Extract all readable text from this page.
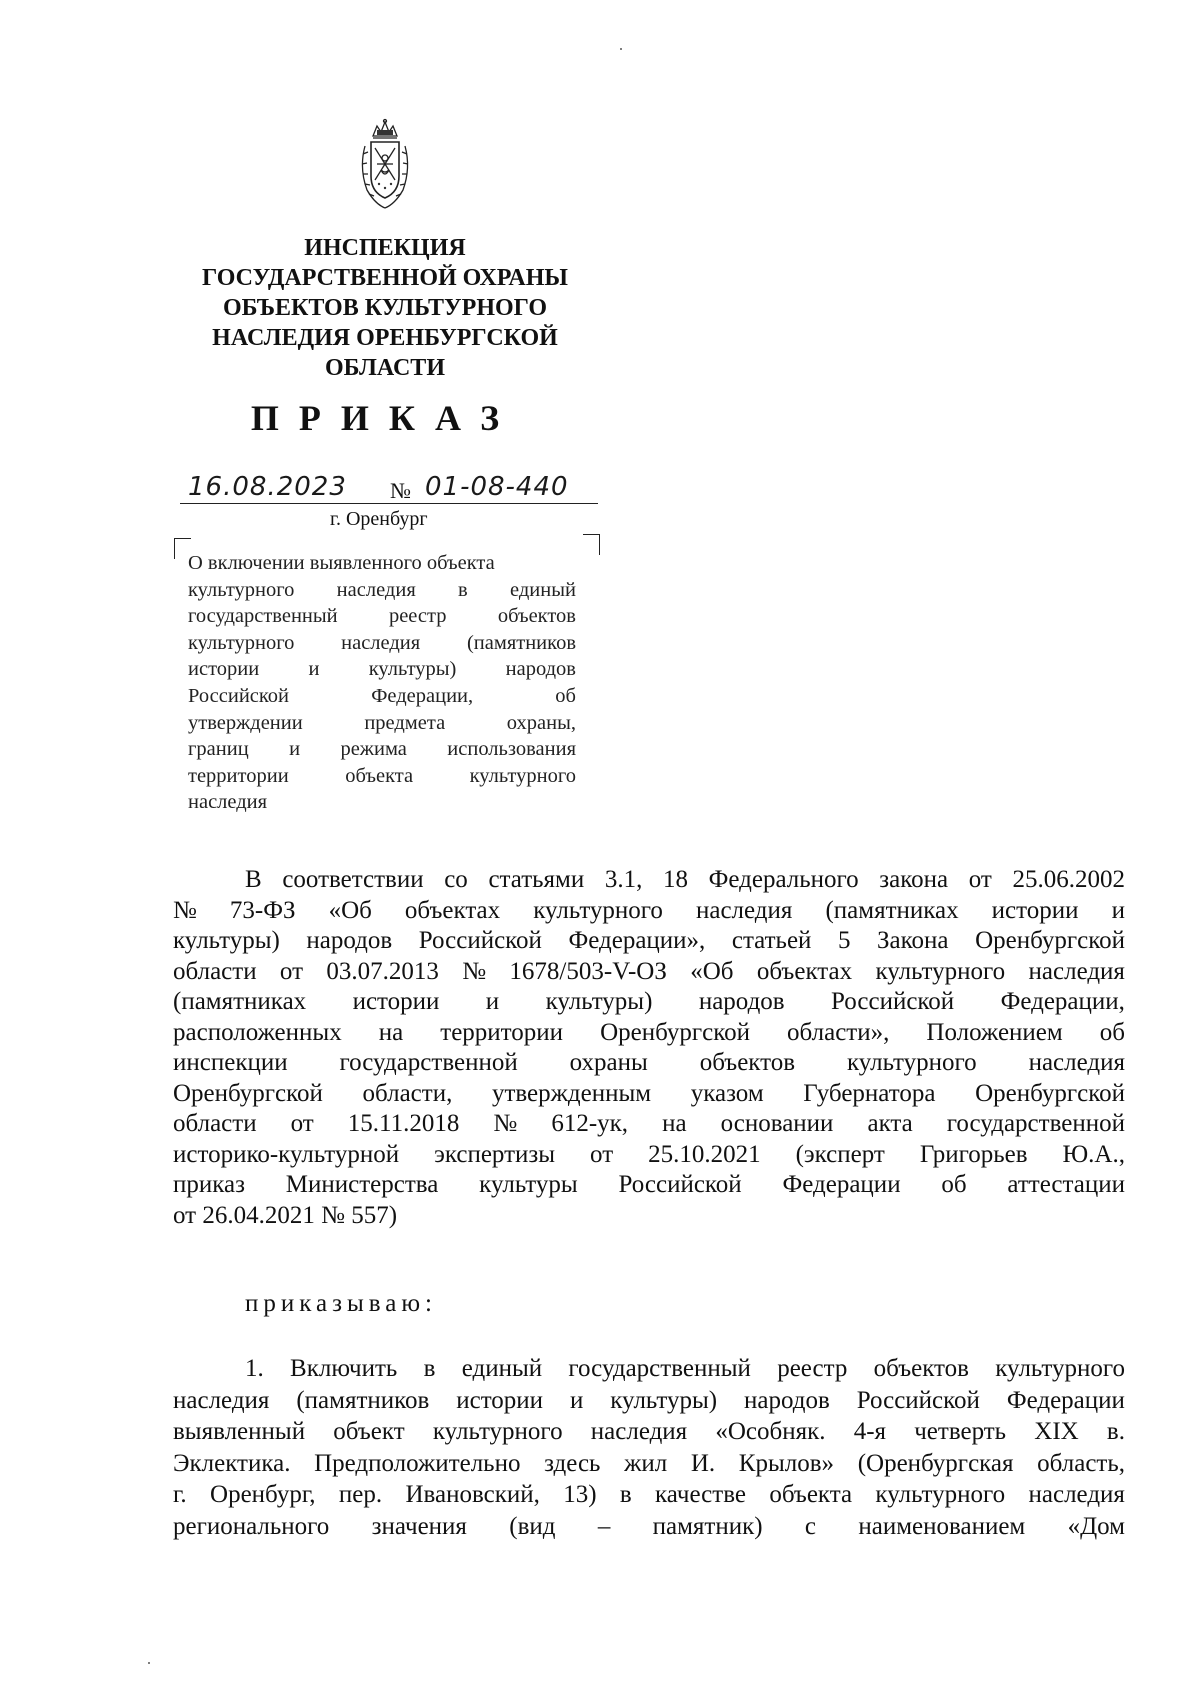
ИНСПЕКЦИЯ
ГОСУДАРСТВЕННОЙ ОХРАНЫ
ОБЪЕКТОВ КУЛЬТУРНОГО
НАСЛЕДИЯ ОРЕНБУРГСКОЙ
ОБЛАСТИ
ПРИКАЗ
16.08.2023 № 01-08-440
г. Оренбург
О включении выявленного объекта
культурного наследия в единый
государственный реестр объектов
культурного наследия (памятников
истории и культуры) народов
Российской Федерации, об
утверждении предмета охраны,
границ и режима использования
территории объекта культурного
наследия
В соответствии со статьями 3.1, 18 Федерального закона от 25.06.2002
№ 73-ФЗ «Об объектах культурного наследия (памятниках истории и
культуры) народов Российской Федерации», статьей 5 Закона Оренбургской
области от 03.07.2013 № 1678/503-V-ОЗ «Об объектах культурного наследия
(памятниках истории и культуры) народов Российской Федерации,
расположенных на территории Оренбургской области», Положением об
инспекции государственной охраны объектов культурного наследия
Оренбургской области, утвержденным указом Губернатора Оренбургской
области от 15.11.2018 № 612-ук, на основании акта государственной
историко-культурной экспертизы от 25.10.2021 (эксперт Григорьев Ю.А.,
приказ Министерства культуры Российской Федерации об аттестации
от 26.04.2021 № 557)
приказываю:
1. Включить в единый государственный реестр объектов культурного
наследия (памятников истории и культуры) народов Российской Федерации
выявленный объект культурного наследия «Особняк. 4-я четверть XIX в.
Эклектика. Предположительно здесь жил И. Крылов» (Оренбургская область,
г. Оренбург, пер. Ивановский, 13) в качестве объекта культурного наследия
регионального значения (вид – памятник) с наименованием «Дом
